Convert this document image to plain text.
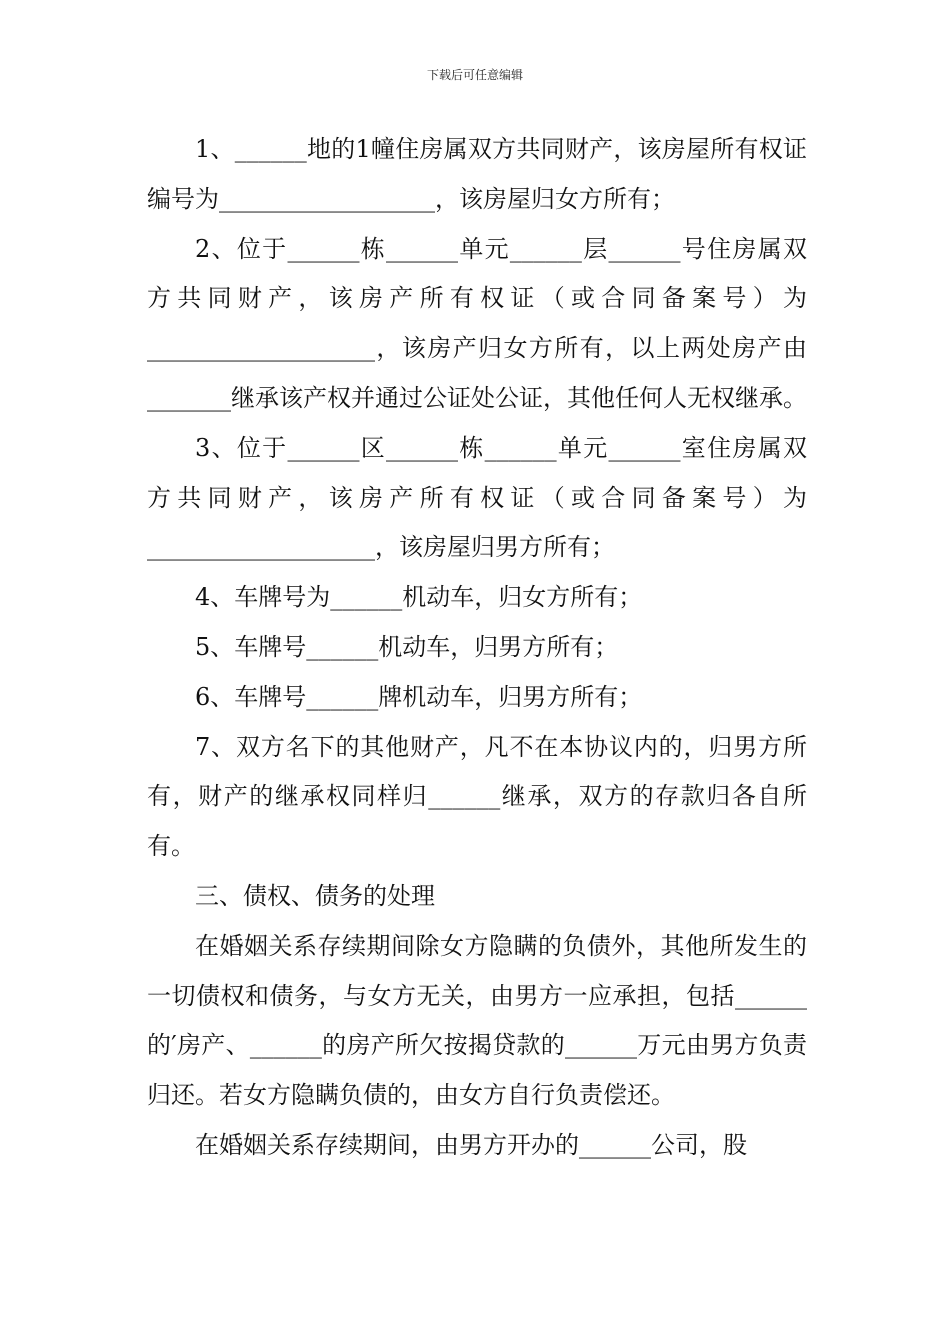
下载后可任意编辑

1、______地的1幢住房属双方共同财产，该房屋所有权证编号为__________________，该房屋归女方所有；

2、位于______栋______单元______层______号住房属双方共同财产，该房产所有权证（或合同备案号）为___________________，该房产归女方所有，以上两处房产由_______继承该产权并通过公证处公证，其他任何人无权继承。

3、位于______区______栋______单元______室住房属双方共同财产，该房产所有权证（或合同备案号）为___________________，该房屋归男方所有；

4、车牌号为______机动车，归女方所有；

5、车牌号______机动车，归男方所有；

6、车牌号______牌机动车，归男方所有；

7、双方名下的其他财产，凡不在本协议内的，归男方所有，财产的继承权同样归______继承，双方的存款归各自所有。

三、债权、债务的处理

在婚姻关系存续期间除女方隐瞒的负债外，其他所发生的一切债权和债务，与女方无关，由男方一应承担，包括______的′房产、______的房产所欠按揭贷款的______万元由男方负责归还。若女方隐瞒负债的，由女方自行负责偿还。

在婚姻关系存续期间，由男方开办的______公司，股
